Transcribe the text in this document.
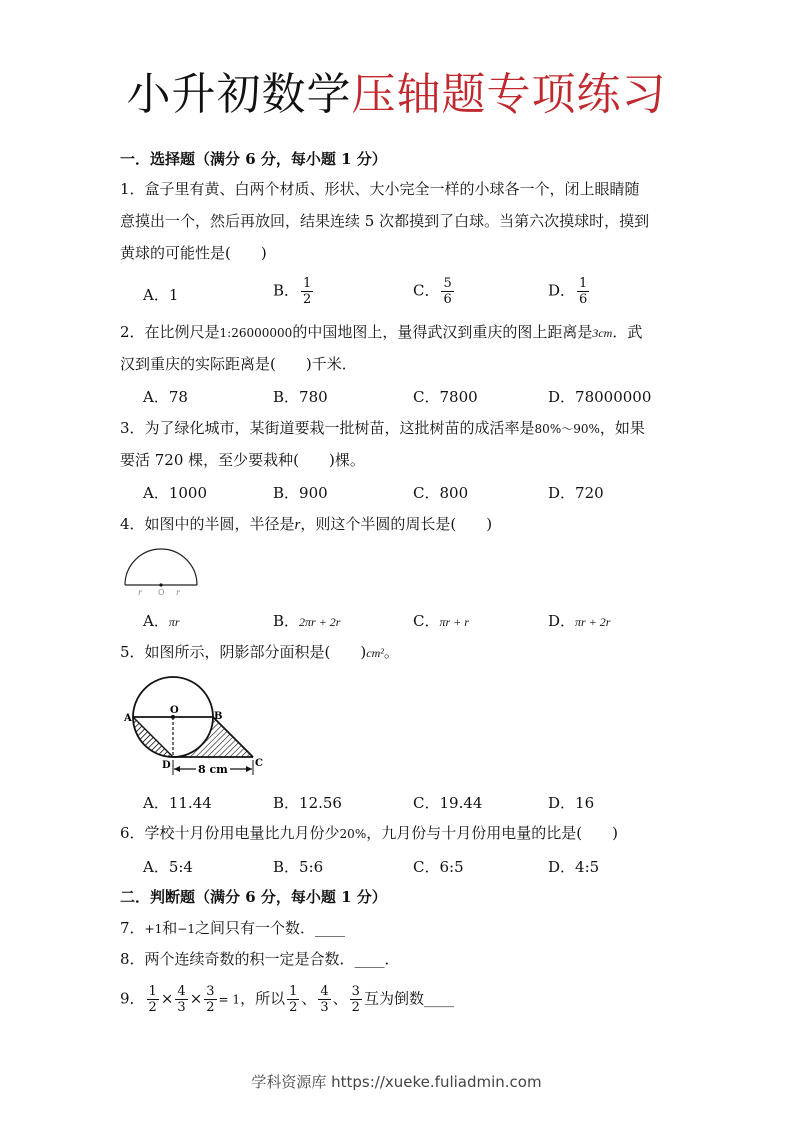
小升初数学压轴题专项练习
一．选择题（满分 6 分，每小题 1 分）
1．盒子里有黄、白两个材质、形状、大小完全一样的小球各一个，闭上眼睛随
意摸出一个，然后再放回，结果连续 5 次都摸到了白球。当第六次摸球时，摸到
黄球的可能性是(　　)
A．1	B． $\frac{1}{2}$	C． $\frac{5}{6}$	D． $\frac{1}{6}$
2．在比例尺是1:26000000的中国地图上，量得武汉到重庆的图上距离是3cm．武
汉到重庆的实际距离是(　　)千米．
A．78	B．780	C．7800	D．78000000
3．为了绿化城市，某街道要栽一批树苗，这批树苗的成活率是80%～90%，如果
要活 720 棵，至少要栽种(　　)棵。
A．1000	B．900	C．800	D．720
4．如图中的半圆，半径是r，则这个半圆的周长是(　　)
r O r
A．πr	B．2πr + 2r	C．πr + r	D．πr + 2r
5．如图所示，阴影部分面积是(　　)cm²。
A
O
B
D	C
8 cm
A．11.44	B．12.56	C．19.44	D．16
6．学校十月份用电量比九月份少20%，九月份与十月份用电量的比是(　　)
A．5:4	B．5:6	C．6:5	D．4:5
二．判断题（满分 6 分，每小题 1 分）
7．+1和−1之间只有一个数．____
8．两个连续奇数的积一定是合数．____．
9． $\frac{1}{2} \times \frac{4}{3} \times \frac{3}{2} = 1$，所以 $\frac{1}{2}$ 、 $\frac{4}{3}$ 、 $\frac{3}{2}$ 互为倒数____
学科资源库 https://xueke.fuliadmin.com
